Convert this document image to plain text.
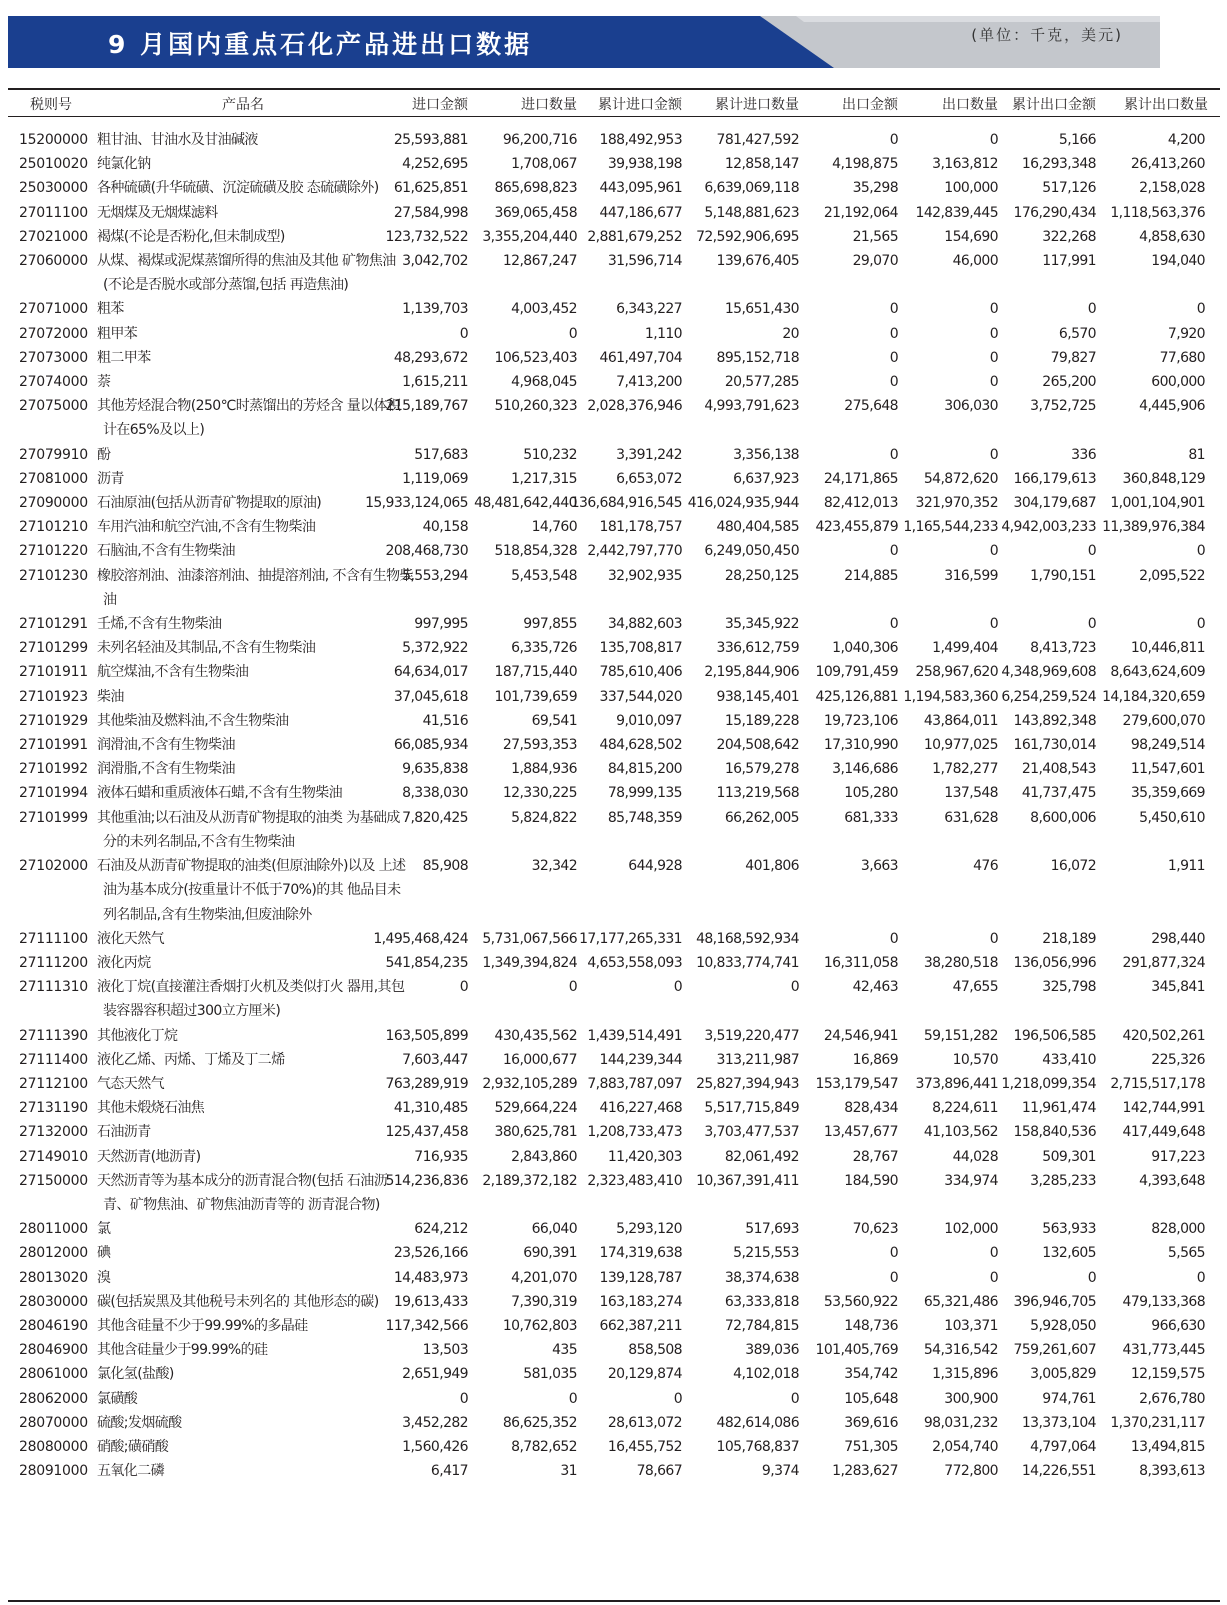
9 月国内重点石化产品进出口数据	(单位：千克，美元)
税则号	产品名	进口金额	进口数量 累计进口金额 累计进口数量	出口金额	出口数量 累计出口金额 累计出口数量
15200000 粗甘油、甘油水及甘油碱液	25,593,881 96,200,716 188,492,953 781,427,592	0	0	5,166	4,200
25010020 纯氯化钠	4,252,695	1,708,067 39,938,198	12,858,147 4,198,875 3,163,812 16,293,348 26,413,260
25030000 各种硫磺(升华硫磺、沉淀硫磺及胶 态硫磺除外)	61,625,851 865,698,823 443,095,961 6,639,069,118	35,298	100,000	517,126	2,158,028
27011100 无烟煤及无烟煤滤料	27,584,998 369,065,458 447,186,677 5,148,881,623 21,192,064 142,839,445 176,290,434 1,118,563,376
27021000 褐煤(不论是否粉化,但未制成型)	123,732,522 3,355,204,440 2,881,679,252 72,592,906,695	21,565	154,690	322,268	4,858,630
27060000 从煤、褐煤或泥煤蒸馏所得的焦油及其他 矿物焦油(不论是否脱水或部分蒸馏,包括 再造焦油)
3,042,702 12,867,247 31,596,714 139,676,405	29,070	46,000	117,991	194,040
27071000 粗苯	1,139,703	4,003,452	6,343,227	15,651,430	0	0	0	0
27072000 粗甲苯	0	0	1,110	20	0	0	6,570	7,920
27073000 粗二甲苯	48,293,672 106,523,403 461,497,704 895,152,718	0	0	79,827	77,680
27074000 萘	1,615,211	4,968,045	7,413,200	20,577,285	0	0	265,200	600,000
27075000 其他芳烃混合物(250℃时蒸馏出的芳烃含 量以体积计在65%及以上)
215,189,767 510,260,323 2,028,376,946 4,993,791,623	275,648	306,030 3,752,725	4,445,906
27079910 酚	517,683	510,232	3,391,242	3,356,138	0	0	336	81
27081000 沥青	1,119,069	1,217,315	6,653,072	6,637,923 24,171,865 54,872,620 166,179,613 360,848,129
27090000 石油原油(包括从沥青矿物提取的原油)	15,933,124,065 48,481,642,440
136,684,916,545 416,024,935,944 82,412,013 321,970,352 304,179,687 1,001,104,901
27101210 车用汽油和航空汽油,不含有生物柴油	40,158	14,760 181,178,757 480,404,585 423,455,879 1,165,544,233 4,942,003,233 11,389,976,384
27101220 石脑油,不含有生物柴油	208,468,730 518,854,328 2,442,797,770 6,249,050,450	0	0	0	0
27101230 橡胶溶剂油、油漆溶剂油、抽提溶剂油, 不含有生物柴油
5,553,294	5,453,548 32,902,935	28,250,125	214,885	316,599 1,790,151	2,095,522
27101291 壬烯,不含有生物柴油	997,995	997,855 34,882,603	35,345,922	0	0	0	0
27101299 未列名轻油及其制品,不含有生物柴油	5,372,922	6,335,726 135,708,817 336,612,759 1,040,306 1,499,404 8,413,723 10,446,811
27101911 航空煤油,不含有生物柴油	64,634,017 187,715,440 785,610,406 2,195,844,906 109,791,459 258,967,620 4,348,969,608 8,643,624,609
27101923 柴油	37,045,618 101,739,659 337,544,020 938,145,401 425,126,881 1,194,583,360 6,254,259,524 14,184,320,659
27101929 其他柴油及燃料油,不含生物柴油	41,516	69,541	9,010,097	15,189,228 19,723,106 43,864,011 143,892,348 279,600,070
27101991 润滑油,不含有生物柴油	66,085,934 27,593,353 484,628,502 204,508,642 17,310,990 10,977,025 161,730,014 98,249,514
27101992 润滑脂,不含有生物柴油	9,635,838	1,884,936 84,815,200	16,579,278 3,146,686 1,782,277 21,408,543 11,547,601
27101994 液体石蜡和重质液体石蜡,不含有生物柴油	8,338,030 12,330,225 78,999,135 113,219,568	105,280	137,548 41,737,475 35,359,669
27101999 其他重油;以石油及从沥青矿物提取的油类 为基础成分的未列名制品,不含有生物柴油
7,820,425	5,824,822 85,748,359	66,262,005	681,333	631,628 8,600,006	5,450,610
27102000 石油及从沥青矿物提取的油类(但原油除外)以及 上述油为基本成分(按重量计不低于70%)的其 他品目未列名制品,含有生物柴油,但废油除外
85,908	32,342	644,928	401,806	3,663	476	16,072	1,911
27111100 液化天然气	1,495,468,424 5,731,067,566 17,177,265,331 48,168,592,934	0	0	218,189	298,440
27111200 液化丙烷	541,854,235 1,349,394,824 4,653,558,093 10,833,774,741 16,311,058 38,280,518 136,056,996 291,877,324
27111310 液化丁烷(直接灌注香烟打火机及类似打火 器用,其包装容器容积超过300立方厘米)
0	0	0	0	42,463	47,655	325,798	345,841
27111390 其他液化丁烷	163,505,899 430,435,562 1,439,514,491 3,519,220,477 24,546,941 59,151,282 196,506,585 420,502,261
27111400 液化乙烯、丙烯、丁烯及丁二烯	7,603,447 16,000,677 144,239,344 313,211,987	16,869	10,570	433,410	225,326
27112100 气态天然气	763,289,919 2,932,105,289 7,883,787,097 25,827,394,943 153,179,547 373,896,441 1,218,099,354 2,715,517,178
27131190 其他未煅烧石油焦	41,310,485 529,664,224 416,227,468 5,517,715,849	828,434 8,224,611 11,961,474 142,744,991
27132000 石油沥青	125,437,458 380,625,781 1,208,733,473 3,703,477,537 13,457,677 41,103,562 158,840,536 417,449,648
27149010 天然沥青(地沥青)	716,935	2,843,860 11,420,303	82,061,492	28,767	44,028	509,301	917,223
27150000 天然沥青等为基本成分的沥青混合物(包括 石油沥青、矿物焦油、矿物焦油沥青等的 沥青混合物)
514,236,836 2,189,372,182 2,323,483,410 10,367,391,411	184,590	334,974 3,285,233	4,393,648
28011000 氯	624,212	66,040	5,293,120	517,693	70,623	102,000	563,933	828,000
28012000 碘	23,526,166	690,391 174,319,638	5,215,553	0	0	132,605	5,565
28013020 溴	14,483,973	4,201,070 139,128,787	38,374,638	0	0	0	0
28030000 碳(包括炭黑及其他税号未列名的 其他形态的碳)	19,613,433	7,390,319 163,183,274	63,333,818 53,560,922 65,321,486 396,946,705 479,133,368
28046190 其他含硅量不少于99.99%的多晶硅	117,342,566 10,762,803 662,387,211	72,784,815	148,736	103,371 5,928,050	966,630
28046900 其他含硅量少于99.99%的硅	13,503	435	858,508	389,036 101,405,769 54,316,542 759,261,607 431,773,445
28061000 氯化氢(盐酸)	2,651,949	581,035 20,129,874	4,102,018	354,742 1,315,896 3,005,829 12,159,575
28062000 氯磺酸	0	0	0	0	105,648	300,900	974,761	2,676,780
28070000 硫酸;发烟硫酸	3,452,282 86,625,352 28,613,072 482,614,086	369,616 98,031,232 13,373,104 1,370,231,117
28080000 硝酸;磺硝酸	1,560,426	8,782,652 16,455,752 105,768,837	751,305 2,054,740 4,797,064 13,494,815
28091000 五氧化二磷	6,417	31	78,667	9,374 1,283,627	772,800 14,226,551	8,393,613
